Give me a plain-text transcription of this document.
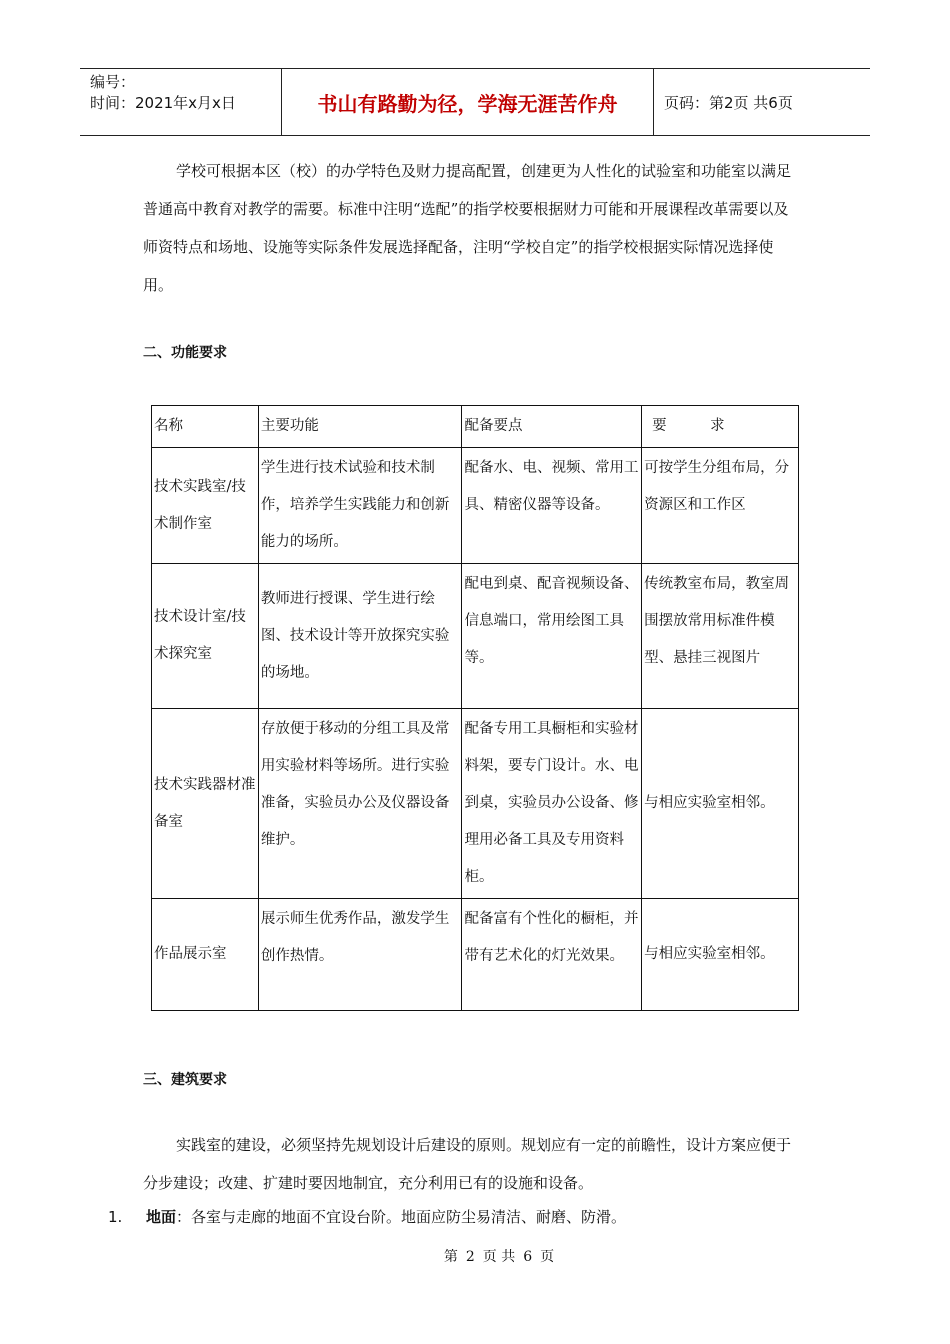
编号：
时间：2021年x月x日	书山有路勤为径，学海无涯苦作舟	页码：第2页 共6页

学校可根据本区（校）的办学特色及财力提高配置，创建更为人性化的试验室和功能室以满足普通高中教育对教学的需要。标准中注明“选配”的指学校要根据财力可能和开展课程改革需要以及师资特点和场地、设施等实际条件发展选择配备，注明“学校自定”的指学校根据实际情况选择使用。

二、功能要求
名称	主要功能	配备要点	要　　　求
技术实践室/技术制作室	学生进行技术试验和技术制作，培养学生实践能力和创新能力的场所。	配备水、电、视频、常用工具、精密仪器等设备。	可按学生分组布局，分资源区和工作区
技术设计室/技术探究室	教师进行授课、学生进行绘图、技术设计等开放探究实验的场地。	配电到桌、配音视频设备、信息端口，常用绘图工具等。	传统教室布局，教室周围摆放常用标准件模型、悬挂三视图片
技术实践器材准备室	存放便于移动的分组工具及常用实验材料等场所。进行实验准备，实验员办公及仪器设备维护。	配备专用工具橱柜和实验材料架，要专门设计。水、电到桌，实验员办公设备、修理用必备工具及专用资料柜。	与相应实验室相邻。
作品展示室	展示师生优秀作品，激发学生创作热情。	配备富有个性化的橱柜，并带有艺术化的灯光效果。	与相应实验室相邻。
三、建筑要求

实践室的建设，必须坚持先规划设计后建设的原则。规划应有一定的前瞻性，设计方案应便于分步建设；改建、扩建时要因地制宜，充分利用已有的设施和设备。

1. 地面：各室与走廊的地面不宜设台阶。地面应防尘易清洁、耐磨、防滑。
第 2 页 共 6 页
